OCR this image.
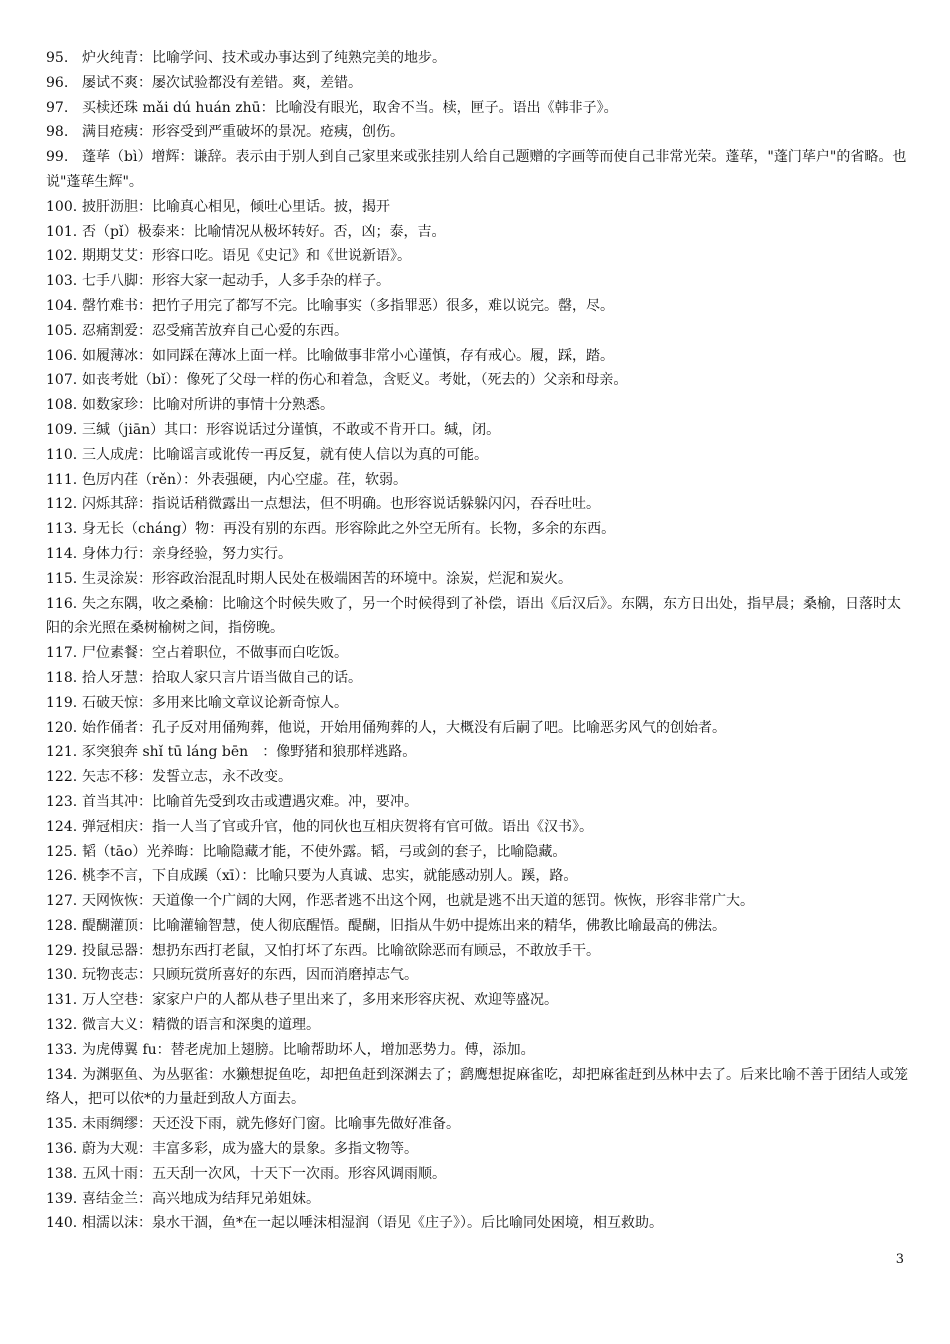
95. 炉火纯青：比喻学问、技术或办事达到了纯熟完美的地步。

96. 屡试不爽：屡次试验都没有差错。爽，差错。

97. 买椟还珠 mǎi dú huán zhū：比喻没有眼光，取舍不当。椟，匣子。语出《韩非子》。

98. 满目疮痍：形容受到严重破坏的景况。疮痍，创伤。

99. 蓬荜（bì）增辉：谦辞。表示由于别人到自己家里来或张挂别人给自己题赠的字画等而使自己非常光荣。蓬荜，"蓬门荜户"的省略。也说"蓬荜生辉"。

100. 披肝沥胆：比喻真心相见，倾吐心里话。披，揭开

101. 否（pǐ）极泰来：比喻情况从极坏转好。否，凶；泰，吉。

102. 期期艾艾：形容口吃。语见《史记》和《世说新语》。

103. 七手八脚：形容大家一起动手，人多手杂的样子。

104. 罄竹难书：把竹子用完了都写不完。比喻事实（多指罪恶）很多，难以说完。罄，尽。

105. 忍痛割爱：忍受痛苦放弃自己心爱的东西。

106. 如履薄冰：如同踩在薄冰上面一样。比喻做事非常小心谨慎，存有戒心。履，踩，踏。

107. 如丧考妣（bǐ）：像死了父母一样的伤心和着急，含贬义。考妣，（死去的）父亲和母亲。

108. 如数家珍：比喻对所讲的事情十分熟悉。

109. 三缄（jiān）其口：形容说话过分谨慎，不敢或不肯开口。缄，闭。

110. 三人成虎：比喻谣言或讹传一再反复，就有使人信以为真的可能。

111. 色厉内荏（rěn）：外表强硬，内心空虚。荏，软弱。

112. 闪烁其辞：指说话稍微露出一点想法，但不明确。也形容说话躲躲闪闪，吞吞吐吐。

113. 身无长（cháng）物：再没有别的东西。形容除此之外空无所有。长物，多余的东西。

114. 身体力行：亲身经验，努力实行。

115. 生灵涂炭：形容政治混乱时期人民处在极端困苦的环境中。涂炭，烂泥和炭火。

116. 失之东隅，收之桑榆：比喻这个时候失败了，另一个时候得到了补偿，语出《后汉后》。东隅，东方日出处，指早晨；桑榆，日落时太阳的余光照在桑树榆树之间，指傍晚。

117. 尸位素餐：空占着职位，不做事而白吃饭。

118. 拾人牙慧：拾取人家只言片语当做自己的话。

119. 石破天惊：多用来比喻文章议论新奇惊人。

120. 始作俑者：孔子反对用俑殉葬，他说，开始用俑殉葬的人，大概没有后嗣了吧。比喻恶劣风气的创始者。

121. 豕突狼奔 shǐ tū láng bēn　：像野猪和狼那样逃路。

122. 矢志不移：发誓立志，永不改变。

123. 首当其冲：比喻首先受到攻击或遭遇灾难。冲，要冲。

124. 弹冠相庆：指一人当了官或升官，他的同伙也互相庆贺将有官可做。语出《汉书》。

125. 韬（tāo）光养晦：比喻隐藏才能，不使外露。韬，弓或剑的套子，比喻隐藏。

126. 桃李不言，下自成蹊（xī）：比喻只要为人真诚、忠实，就能感动别人。蹊，路。

127. 天网恢恢：天道像一个广阔的大网，作恶者逃不出这个网，也就是逃不出天道的惩罚。恢恢，形容非常广大。

128. 醍醐灌顶：比喻灌输智慧，使人彻底醒悟。醍醐，旧指从牛奶中提炼出来的精华，佛教比喻最高的佛法。

129. 投鼠忌器：想扔东西打老鼠，又怕打坏了东西。比喻欲除恶而有顾忌，不敢放手干。

130. 玩物丧志：只顾玩赏所喜好的东西，因而消磨掉志气。

131. 万人空巷：家家户户的人都从巷子里出来了，多用来形容庆祝、欢迎等盛况。

132. 微言大义：精微的语言和深奥的道理。

133. 为虎傅翼 fu：替老虎加上翅膀。比喻帮助坏人，增加恶势力。傅，添加。

134. 为渊驱鱼、为丛驱雀：水獭想捉鱼吃，却把鱼赶到深渊去了；鹞鹰想捉麻雀吃，却把麻雀赶到丛林中去了。后来比喻不善于团结人或笼络人，把可以依*的力量赶到敌人方面去。

135. 未雨绸缪：天还没下雨，就先修好门窗。比喻事先做好准备。

136. 蔚为大观：丰富多彩，成为盛大的景象。多指文物等。

138. 五风十雨：五天刮一次风，十天下一次雨。形容风调雨顺。

139. 喜结金兰：高兴地成为结拜兄弟姐妹。

140. 相濡以沫：泉水干涸，鱼*在一起以唾沫相湿润（语见《庄子》）。后比喻同处困境，相互救助。

3
